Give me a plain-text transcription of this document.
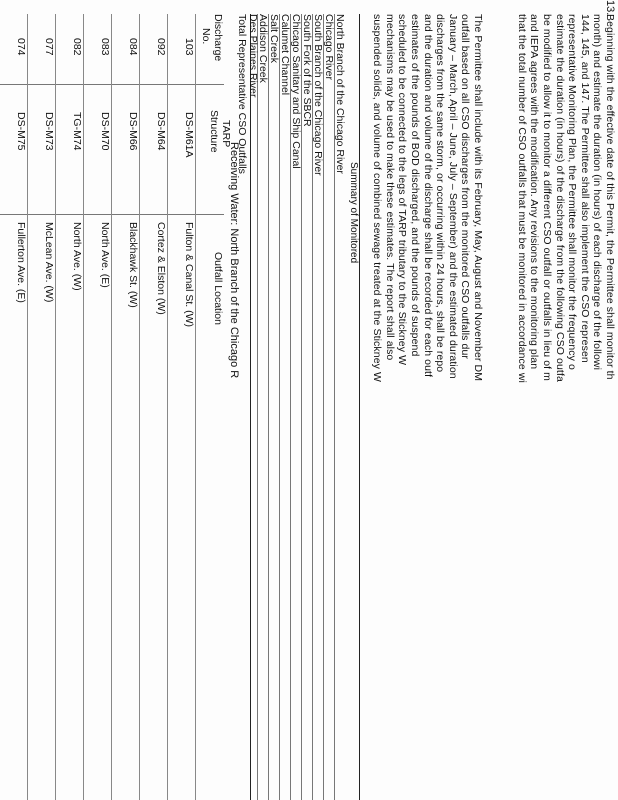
13.
Beginning with the effective date of this Permit, the Permittee shall monitor th
month) and estimate the duration (in hours) of each discharge of the followi
144, 145, and 147. The Permittee shall also implement the CSO represen
representative Monitoring Plan, the Permittee shall monitor the frequency o
estimate the duration (in hours) of the discharge from the following CSO outfa
be modified to allow it to monitor a different CSO outfall or outfalls in lieu of m
and IEPA agrees with the modification. Any revisions to the monitoring plan
that the total number of CSO outfalls that must be monitored in accordance wi
The Permittee shall include with its February, May, August and November DM
outfall based on all CSO discharges from the monitored CSO outfalls dur
January – March, April – June, July – September) and the estimated duration
discharges from the same storm, or occurring within 24 hours, shall be repo
and the duration and volume of the discharge shall be recorded for each outf
estimates of the pounds of BOD discharged, and the pounds of suspend
scheduled to be connected to the legs of TARP tributary to the Stickney W
mechanisms may be used to make these estimates. The report shall also
suspended solids, and volume of combined sewage treated at the Stickney W
Summary of Monitored
North Branch of the Chicago River
Chicago River
South Branch of the Chicago River
South Fork of the SBCR
Chicago Sanitary and Ship Canal
Calumet Channel
Salt Creek
Addison Creek
Des Plaines River
Total Representative CSO Outfalls
Receiving Water: North Branch of the Chicago R
Discharge
No.
TARP
Structure
Outfall Location
103
DS-M61A
Fulton & Canal St. (W)
092
DS-M64
Cortez & Elston (W)
084
DS-M66
Blackhawk St. (W)
083
DS-M70
North Ave. (E)
082
TG-M74
North Ave. (W)
077
DS-M73
McLean Ave. (W)
074
DS-M75
Fullerton Ave. (E)
